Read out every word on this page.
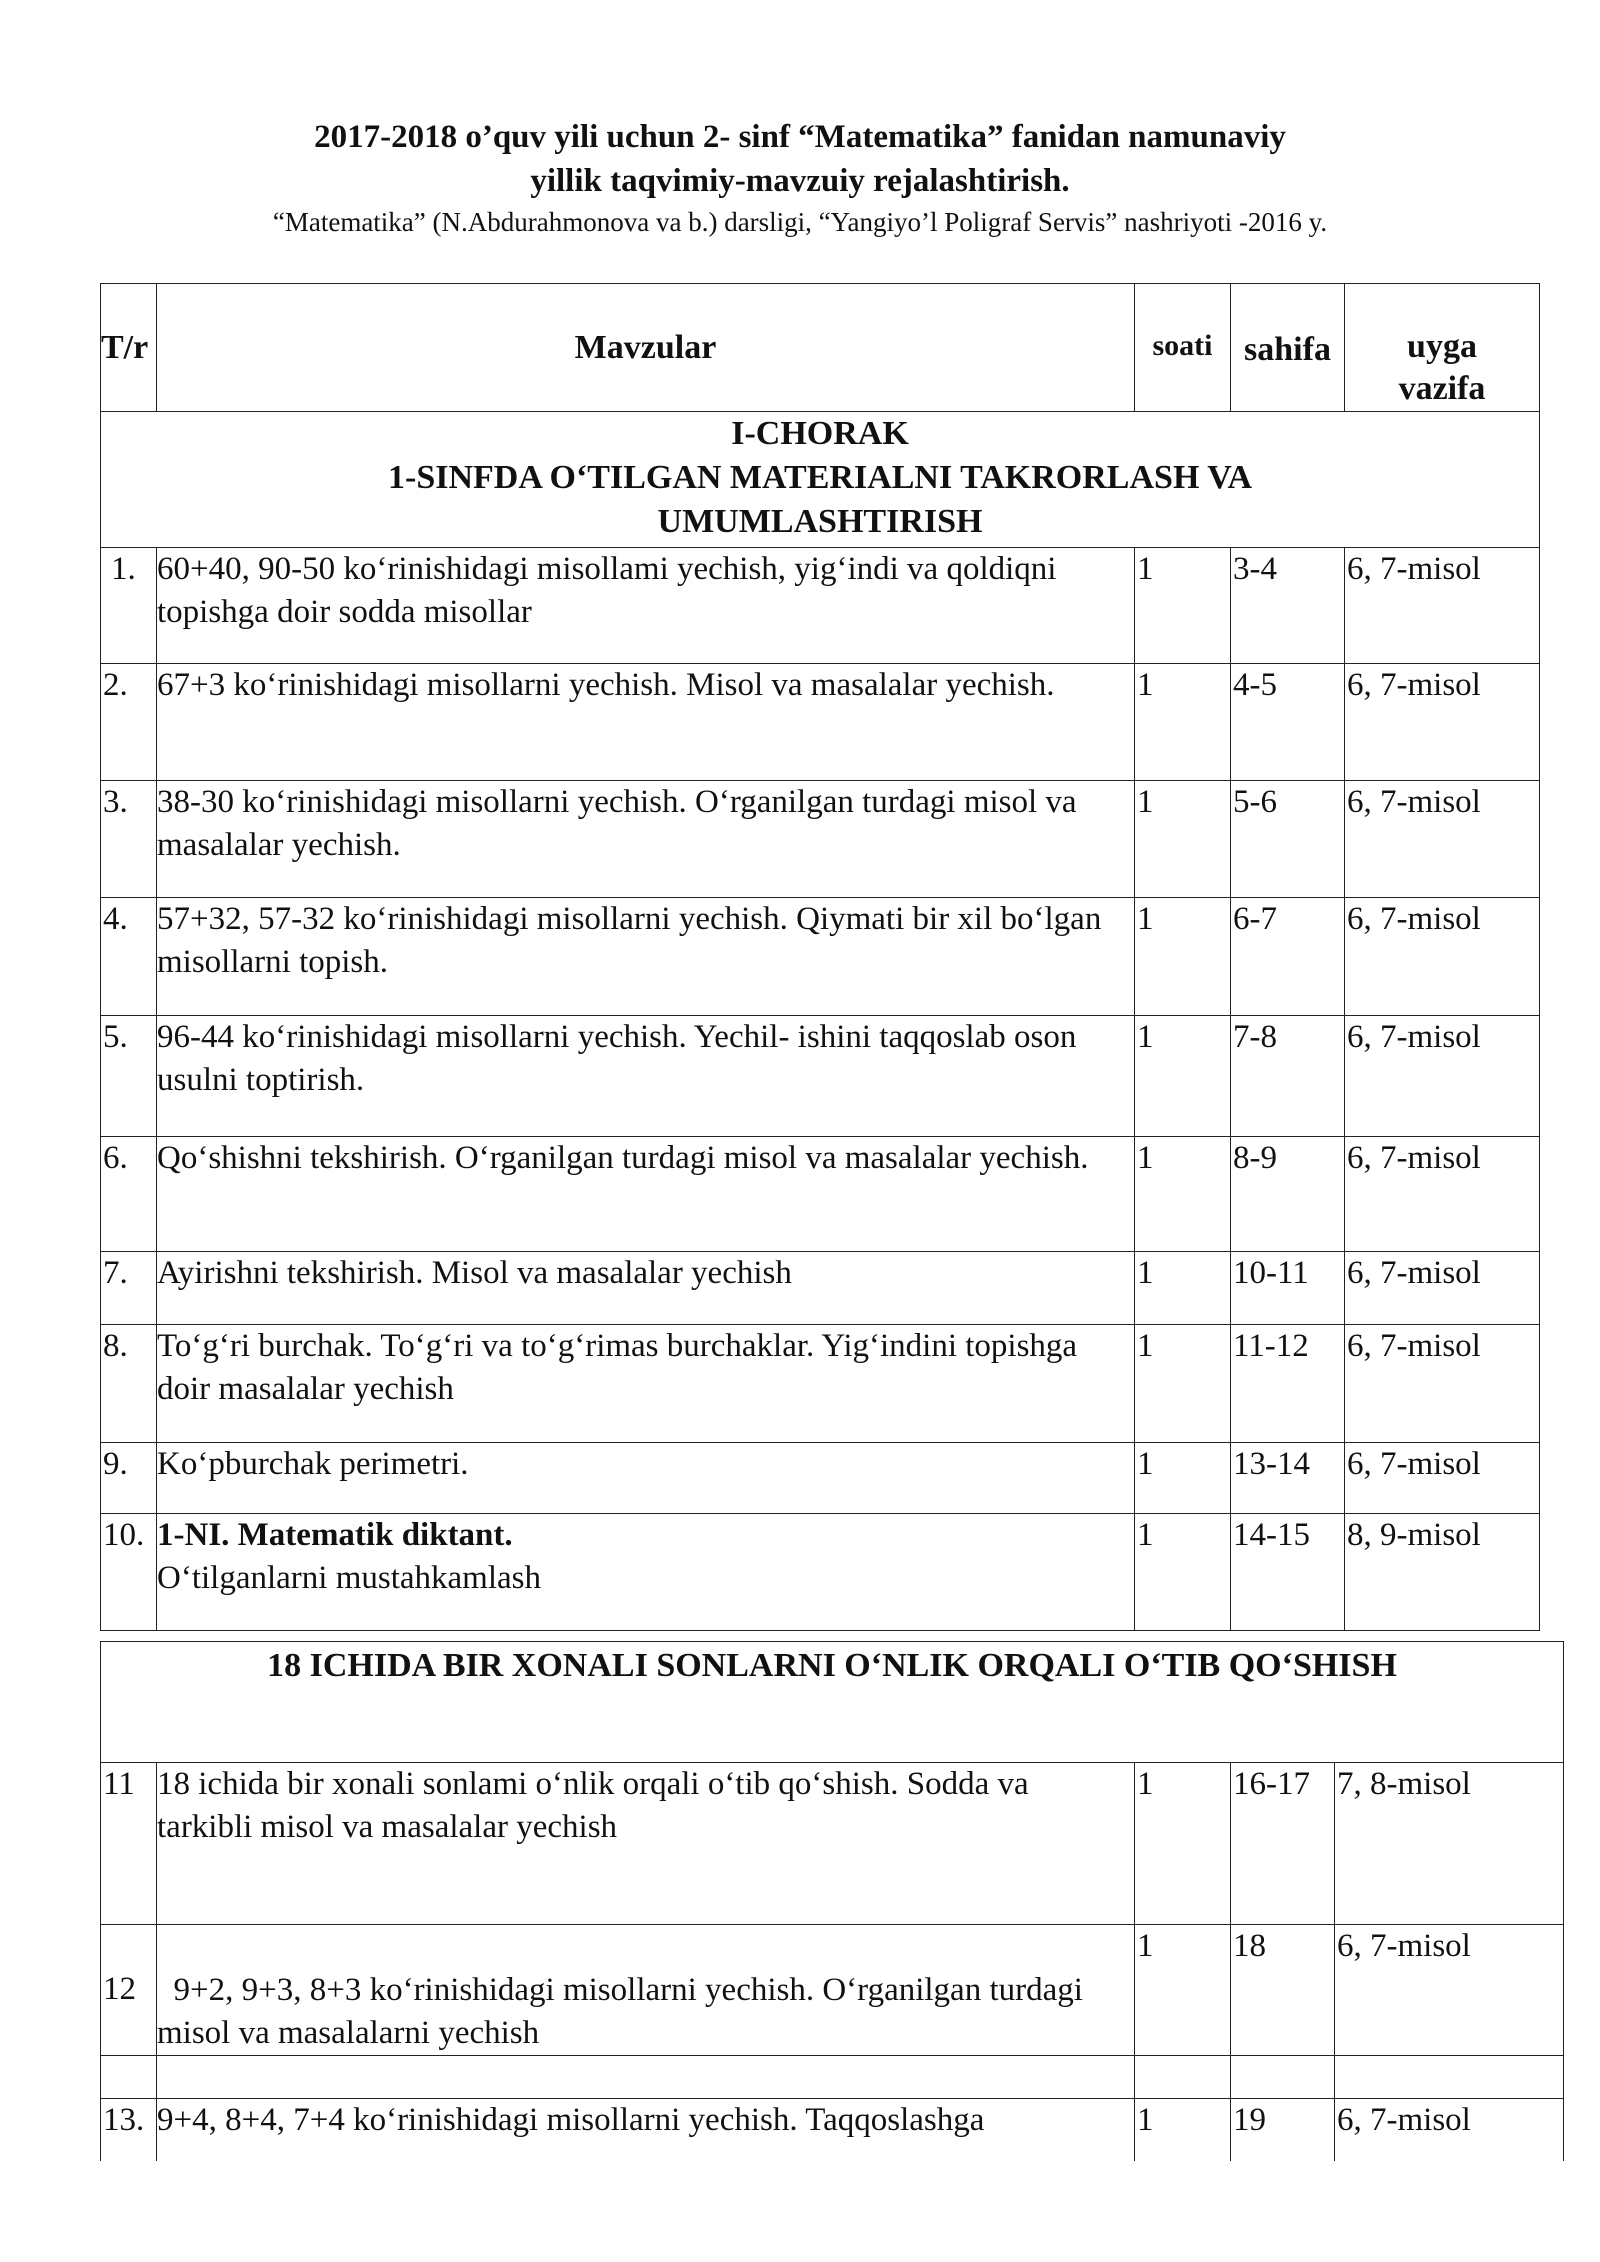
2017-2018 o’quv yili uchun 2- sinf “Matematika” fanidan namunaviy

yillik taqvimiy-mavzuiy rejalashtirish.

“Matematika” (N.Abdurahmonova va b.) darsligi, “Yangiyo’l Poligraf Servis” nashriyoti -2016 y.

T/r	Mavzular	soati	sahifa	uyga
vazifa

I-CHORAK
1-SINFDA O‘TILGAN MATERIALNI TAKRORLASH VA
UMUMLASHTIRISH				

1.	60+40, 90-50 ko‘rinishidagi misollami yechish, yig‘indi va qoldiqni topishga doir sodda misollar	1	3-4	6, 7-misol
2.	67+3 ko‘rinishidagi misollarni yechish. Misol va masalalar yechish.	1	4-5	6, 7-misol
3.	38-30 ko‘rinishidagi misollarni yechish. O‘rganilgan turdagi misol va masalalar yechish.	1	5-6	6, 7-misol
4.	57+32, 57-32 ko‘rinishidagi misollarni yechish. Qiymati bir xil bo‘lgan misollarni topish.	1	6-7	6, 7-misol
5.	96-44 ko‘rinishidagi misollarni yechish. Yechil- ishini taqqoslab oson usulni toptirish.	1	7-8	6, 7-misol
6.	Qo‘shishni tekshirish. O‘rganilgan turdagi misol va masalalar yechish.	1	8-9	6, 7-misol
7.	Ayirishni tekshirish. Misol va masalalar yechish	1	10-11	6, 7-misol
8.	To‘g‘ri burchak. To‘g‘ri va to‘g‘rimas burchaklar. Yig‘indini topishga doir masalalar yechish	1	11-12	6, 7-misol
9.	Ko‘pburchak perimetri.	1	13-14	6, 7-misol
10.	1-NI. Matematik diktant.
O‘tilganlarni mustahkamlash	1	14-15	8, 9-misol
18 ICHIDA BIR XONALI SONLARNI O‘NLIK ORQALI O‘TIB QO‘SHISH				
11	18 ichida bir xonali sonlami o‘nlik orqali o‘tib qo‘shish. Sodda va tarkibli misol va masalalar yechish	1	16-17	7, 8-misol
12	9+2, 9+3, 8+3 ko‘rinishidagi misollarni yechish. O‘rganilgan turdagi misol va masalalarni yechish	1	18	6, 7-misol

13.	9+4, 8+4, 7+4 ko‘rinishidagi misollarni yechish. Taqqoslashga	1	19	6, 7-misol
